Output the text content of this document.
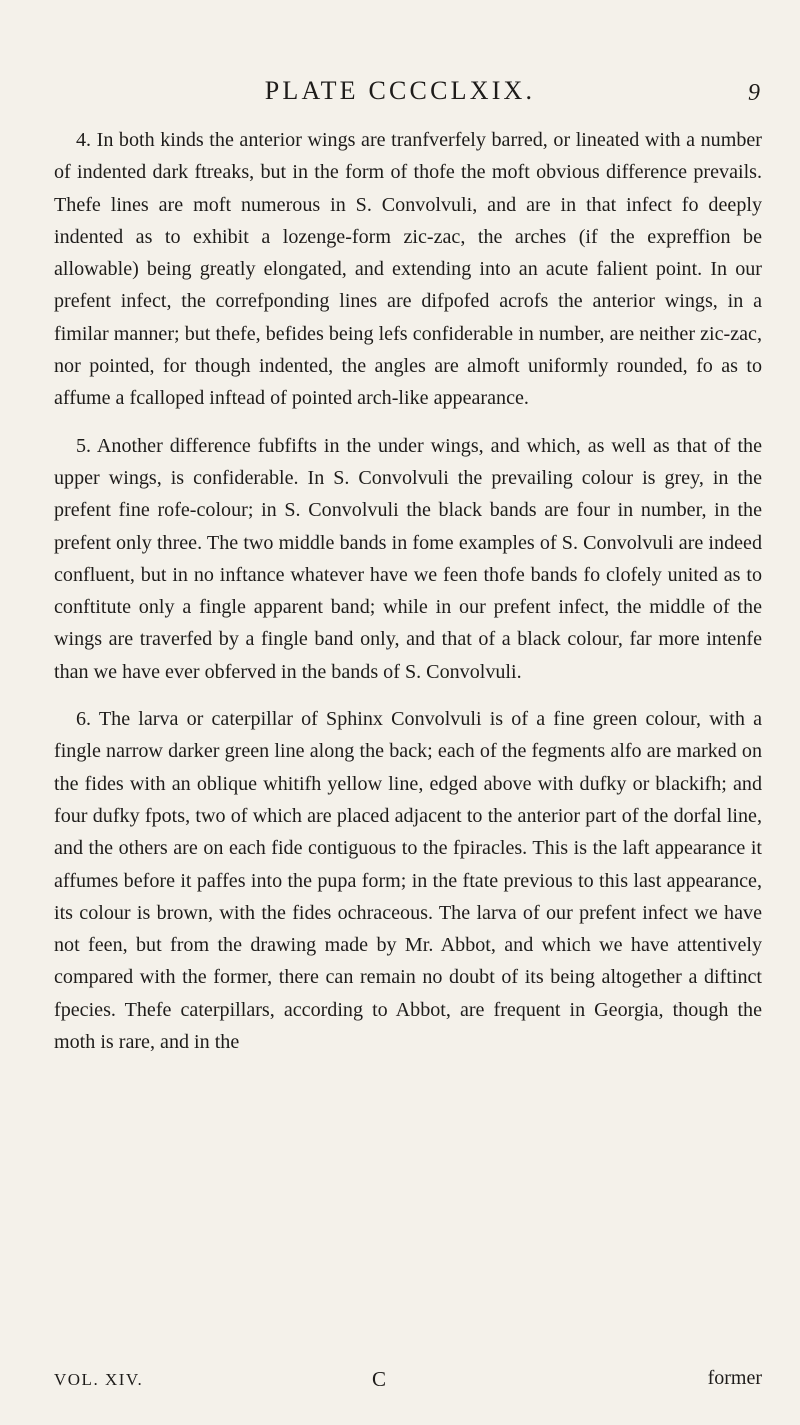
PLATE CCCCLXIX.	9

4. In both kinds the anterior wings are tranfverfely barred, or lineated with a number of indented dark ftreaks, but in the form of thofe the moft obvious difference prevails. Thefe lines are moft numerous in S. Convolvuli, and are in that infect fo deeply indented as to exhibit a lozenge-form zic-zac, the arches (if the expreffion be allowable) being greatly elongated, and extending into an acute falient point. In our prefent infect, the correfponding lines are difpofed acrofs the anterior wings, in a fimilar manner; but thefe, befides being lefs confiderable in number, are neither zic-zac, nor pointed, for though indented, the angles are almoft uniformly rounded, fo as to affume a fcalloped inftead of pointed arch-like appearance.

5. Another difference fubfifts in the under wings, and which, as well as that of the upper wings, is confiderable. In S. Convolvuli the prevailing colour is grey, in the prefent fine rofe-colour; in S. Convolvuli the black bands are four in number, in the prefent only three. The two middle bands in fome examples of S. Convolvuli are indeed confluent, but in no inftance whatever have we feen thofe bands fo clofely united as to conftitute only a fingle apparent band; while in our prefent infect, the middle of the wings are traverfed by a fingle band only, and that of a black colour, far more intenfe than we have ever obferved in the bands of S. Convolvuli.

6. The larva or caterpillar of Sphinx Convolvuli is of a fine green colour, with a fingle narrow darker green line along the back; each of the fegments alfo are marked on the fides with an oblique whitifh yellow line, edged above with dufky or blackifh; and four dufky fpots, two of which are placed adjacent to the anterior part of the dorfal line, and the others are on each fide contiguous to the fpiracles. This is the laft appearance it affumes before it paffes into the pupa form; in the ftate previous to this last appearance, its colour is brown, with the fides ochraceous. The larva of our prefent infect we have not feen, but from the drawing made by Mr. Abbot, and which we have attentively compared with the former, there can remain no doubt of its being altogether a diftinct fpecies. Thefe caterpillars, according to Abbot, are frequent in Georgia, though the moth is rare, and in the

VOL. XIV.	C	former
